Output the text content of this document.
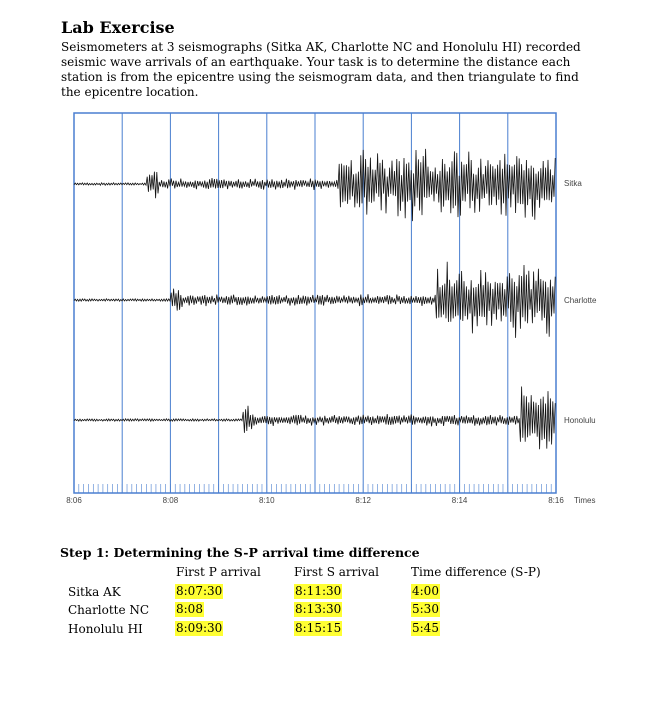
Lab Exercise
Seismometers at 3 seismographs (Sitka AK, Charlotte NC and Honolulu HI) recorded seismic wave arrivals of an earthquake. Your task is to determine the distance each station is from the epicentre using the seismogram data, and then triangulate to find the epicentre location.
Sitka
Charlotte
Honolulu
8:06	8:08	8:10	8:12	8:14	8:16 Times
Step 1: Determining the S-P arrival time difference
First P arrival	First S arrival	Time difference (S-P)
Sitka AK	8:07:30	8:11:30	4:00
Charlotte NC 8:08	8:13:30	5:30
Honolulu HI	8:09:30	8:15:15	5:45
